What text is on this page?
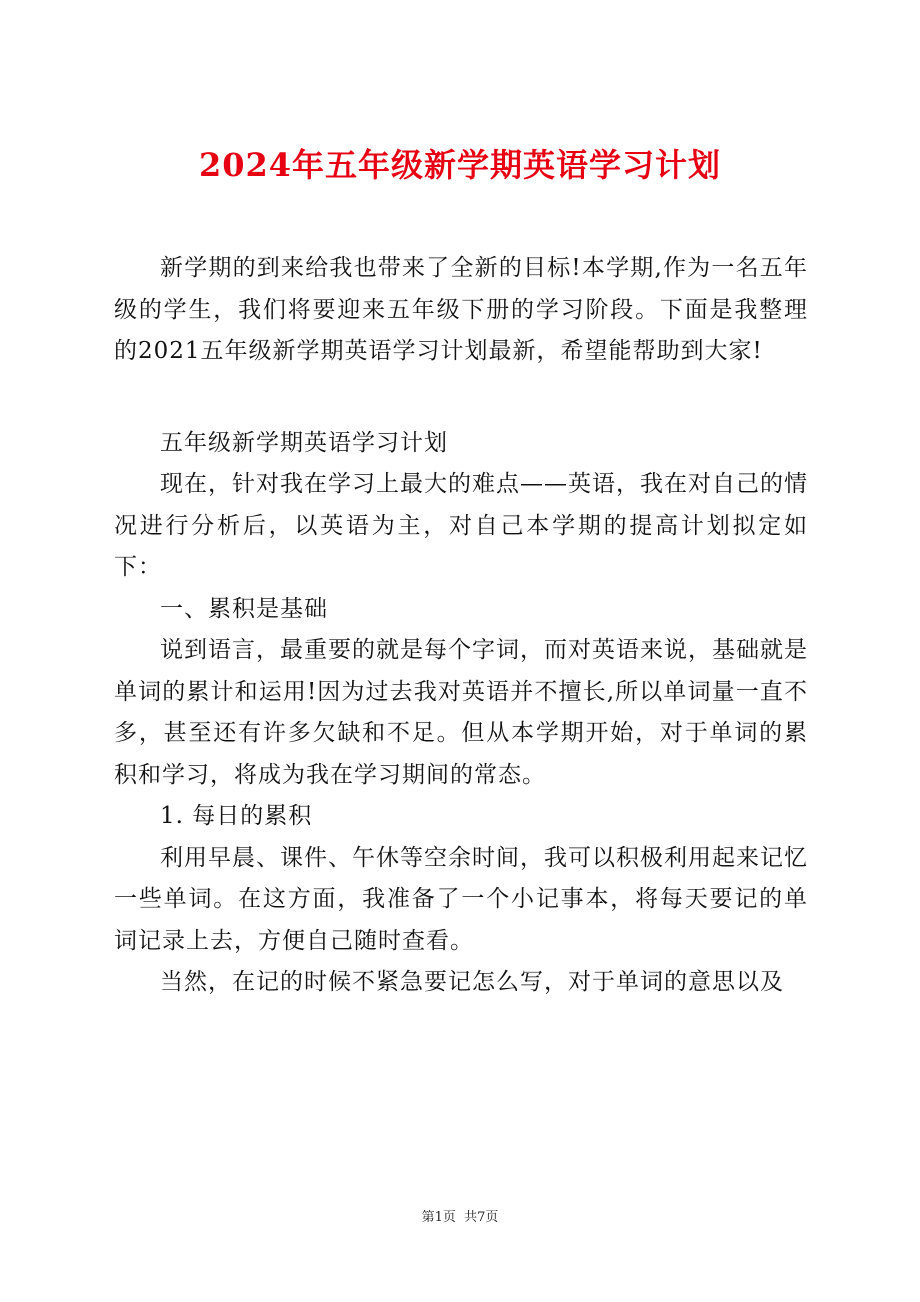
2024年五年级新学期英语学习计划

新学期的到来给我也带来了全新的目标!本学期,作为一名五年级的学生，我们将要迎来五年级下册的学习阶段。下面是我整理的2021五年级新学期英语学习计划最新，希望能帮助到大家!

五年级新学期英语学习计划

现在，针对我在学习上最大的难点——英语，我在对自己的情况进行分析后，以英语为主，对自己本学期的提高计划拟定如下：

一、累积是基础

说到语言，最重要的就是每个字词，而对英语来说，基础就是单词的累计和运用!因为过去我对英语并不擅长,所以单词量一直不多，甚至还有许多欠缺和不足。但从本学期开始，对于单词的累积和学习，将成为我在学习期间的常态。

1. 每日的累积

利用早晨、课件、午休等空余时间，我可以积极利用起来记忆一些单词。在这方面，我准备了一个小记事本，将每天要记的单词记录上去，方便自己随时查看。

当然，在记的时候不紧急要记怎么写，对于单词的意思以及

第1页 共7页
